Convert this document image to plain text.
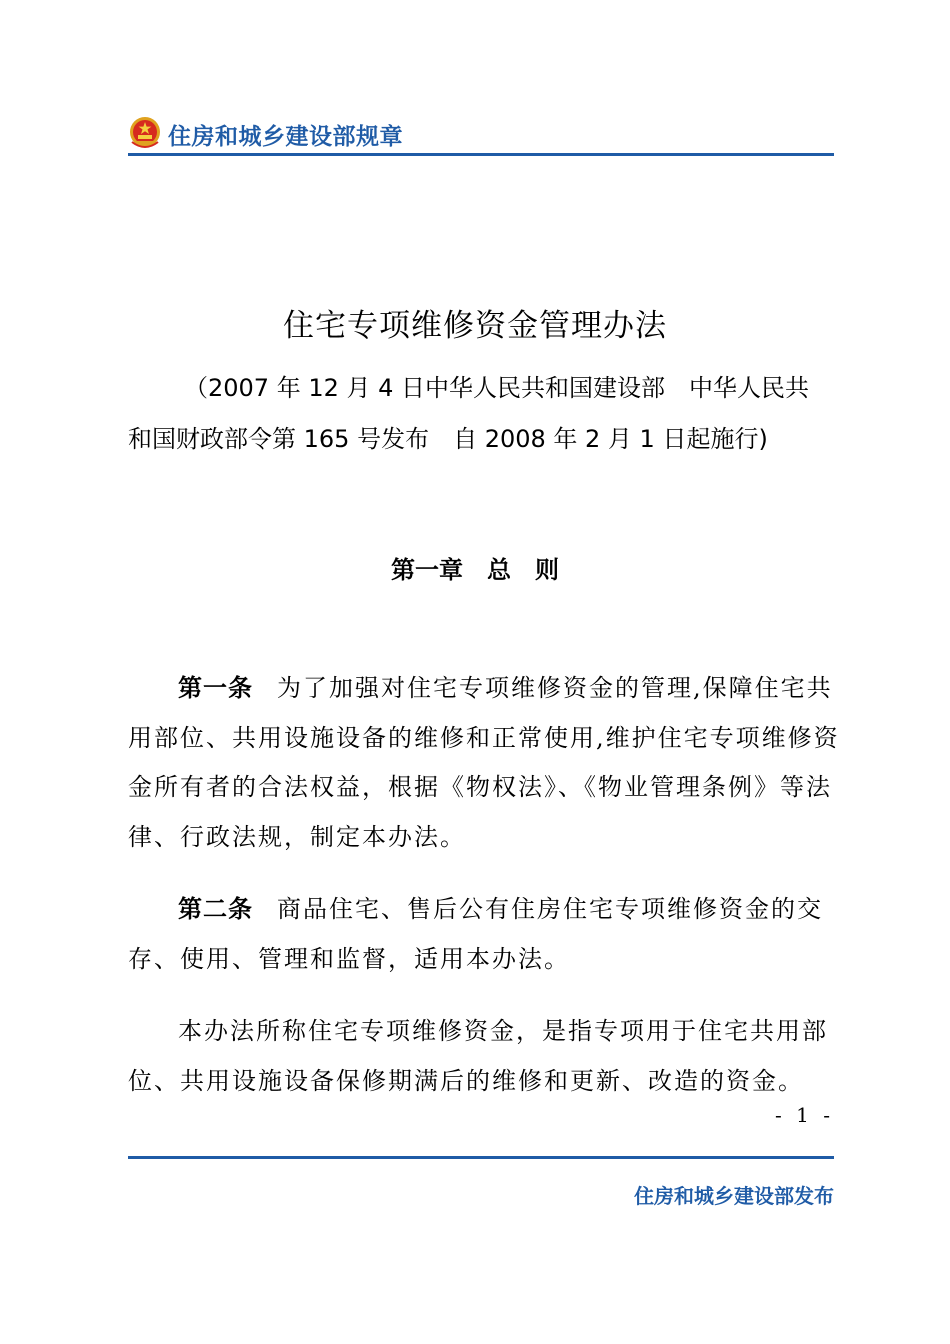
住房和城乡建设部规章
住宅专项维修资金管理办法
（2007 年 12 月 4 日中华人民共和国建设部　中华人民共
和国财政部令第 165 号发布　自 2008 年 2 月 1 日起施行)
第一章　总　则
第一条 为了加强对住宅专项维修资金的管理,保障住宅共
用部位、共用设施设备的维修和正常使用,维护住宅专项维修资
金所有者的合法权益，根据《物权法》、《物业管理条例》等法
律、行政法规，制定本办法。
第二条 商品住宅、售后公有住房住宅专项维修资金的交
存、使用、管理和监督，适用本办法。
本办法所称住宅专项维修资金，是指专项用于住宅共用部
位、共用设施设备保修期满后的维修和更新、改造的资金。
- 1 -
住房和城乡建设部发布
